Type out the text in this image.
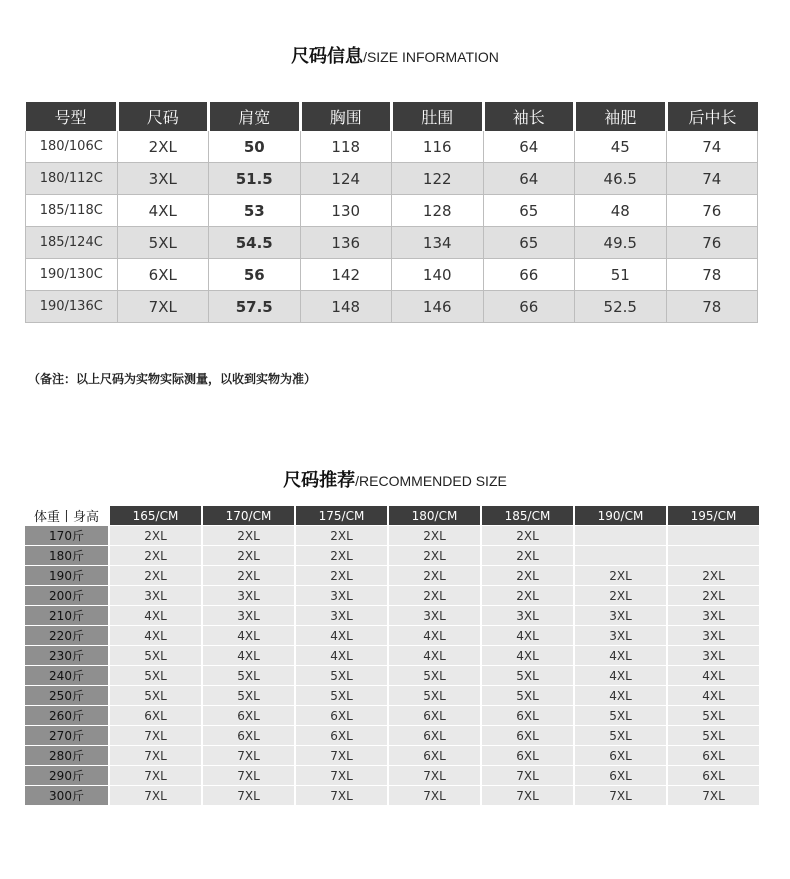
尺码信息/SIZE INFORMATION
号型	尺码	肩宽	胸围	肚围	袖长	袖肥	后中长
180/106C	2XL	50	118	116	64	45	74
180/112C	3XL	51.5	124	122	64	46.5	74
185/118C	4XL	53	130	128	65	48	76
185/124C	5XL	54.5	136	134	65	49.5	76
190/130C	6XL	56	142	140	66	51	78
190/136C	7XL	57.5	148	146	66	52.5	78
（备注：以上尺码为实物实际测量，以收到实物为准）
尺码推荐/RECOMMENDED SIZE
体重丨身高	165/CM	170/CM	175/CM	180/CM	185/CM	190/CM	195/CM
170斤	2XL	2XL	2XL	2XL	2XL		
180斤	2XL	2XL	2XL	2XL	2XL		
190斤	2XL	2XL	2XL	2XL	2XL	2XL	2XL
200斤	3XL	3XL	3XL	2XL	2XL	2XL	2XL
210斤	4XL	3XL	3XL	3XL	3XL	3XL	3XL
220斤	4XL	4XL	4XL	4XL	4XL	3XL	3XL
230斤	5XL	4XL	4XL	4XL	4XL	4XL	3XL
240斤	5XL	5XL	5XL	5XL	5XL	4XL	4XL
250斤	5XL	5XL	5XL	5XL	5XL	4XL	4XL
260斤	6XL	6XL	6XL	6XL	6XL	5XL	5XL
270斤	7XL	6XL	6XL	6XL	6XL	5XL	5XL
280斤	7XL	7XL	7XL	6XL	6XL	6XL	6XL
290斤	7XL	7XL	7XL	7XL	7XL	6XL	6XL
300斤	7XL	7XL	7XL	7XL	7XL	7XL	7XL
